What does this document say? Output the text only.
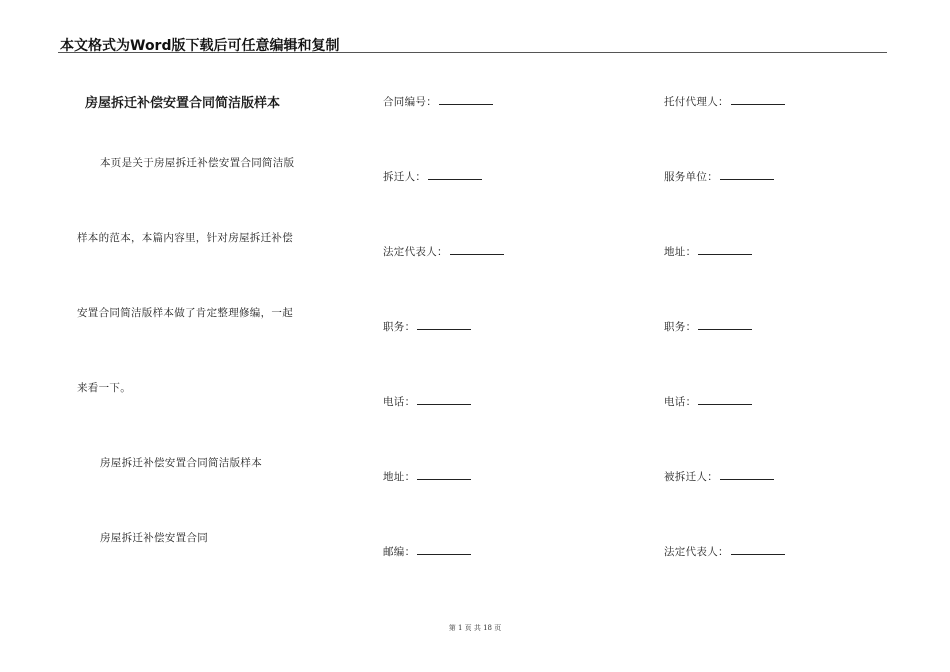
本文格式为Word版下载后可任意编辑和复制
房屋拆迁补偿安置合同简洁版样本
本页是关于房屋拆迁补偿安置合同简洁版
样本的范本，本篇内容里，针对房屋拆迁补偿
安置合同简洁版样本做了肯定整理修编，一起
来看一下。
房屋拆迁补偿安置合同简洁版样本
房屋拆迁补偿安置合同
合同编号：
拆迁人：
法定代表人：
职务：
电话：
地址：
邮编：
托付代理人：
服务单位：
地址：
职务：
电话：
被拆迁人：
法定代表人：
第 1 页 共 18 页
